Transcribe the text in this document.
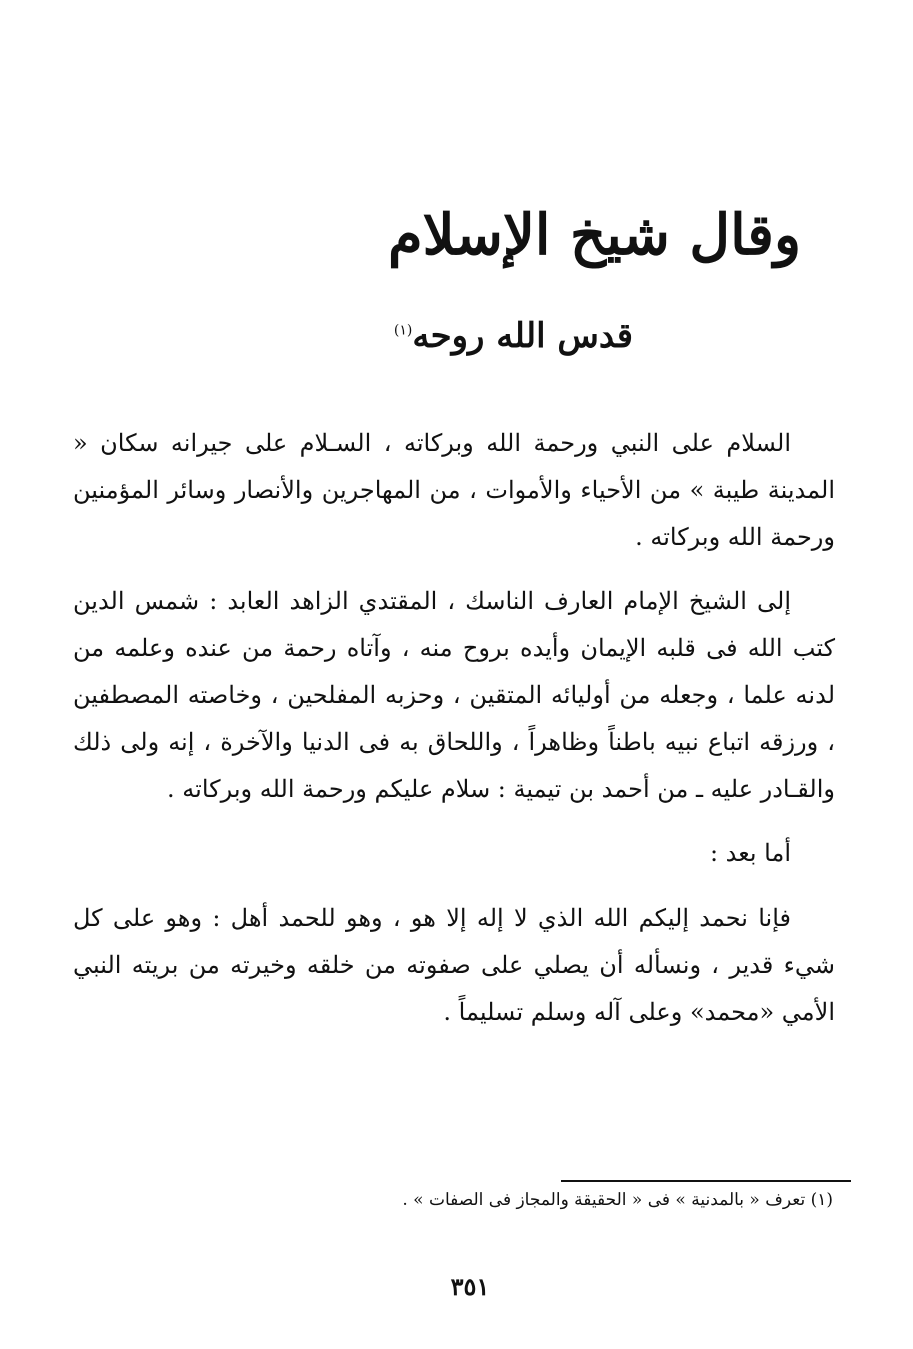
وقال شيخ الإسلام
قدس الله روحه$^{(١)}$

السلام على النبي ورحمة الله وبركاته ، السـلام على جيرانه سكان « المدينة طيبة » من الأحياء والأموات ، من المهاجرين والأنصار وسائر المؤمنين ورحمة الله وبركاته .

إلى الشيخ الإمام العارف الناسك ، المقتدي الزاهد العابد : شمس الدين كتب الله فى قلبه الإيمان وأيده بروح منه ، وآتاه رحمة من عنده وعلمه من لدنه علما ، وجعله من أوليائه المتقين ، وحزبه المفلحين ، وخاصته المصطفين ، ورزقه اتباع نبيه باطناً وظاهراً ، واللحاق به فى الدنيا والآخرة ، إنه ولى ذلك والقـادر عليه ـ من أحمد بن تيمية : سلام عليكم ورحمة الله وبركاته .

أما بعد :

فإنا نحمد إليكم الله الذي لا إله إلا هو ، وهو للحمد أهل : وهو على كل شيء قدير ، ونسأله أن يصلي على صفوته من خلقه وخيرته من بريته النبي الأمي «محمد» وعلى آله وسلم تسليماً .

(١) تعرف « بالمدنية » فى « الحقيقة والمجاز فى الصفات » .
٣٥١
